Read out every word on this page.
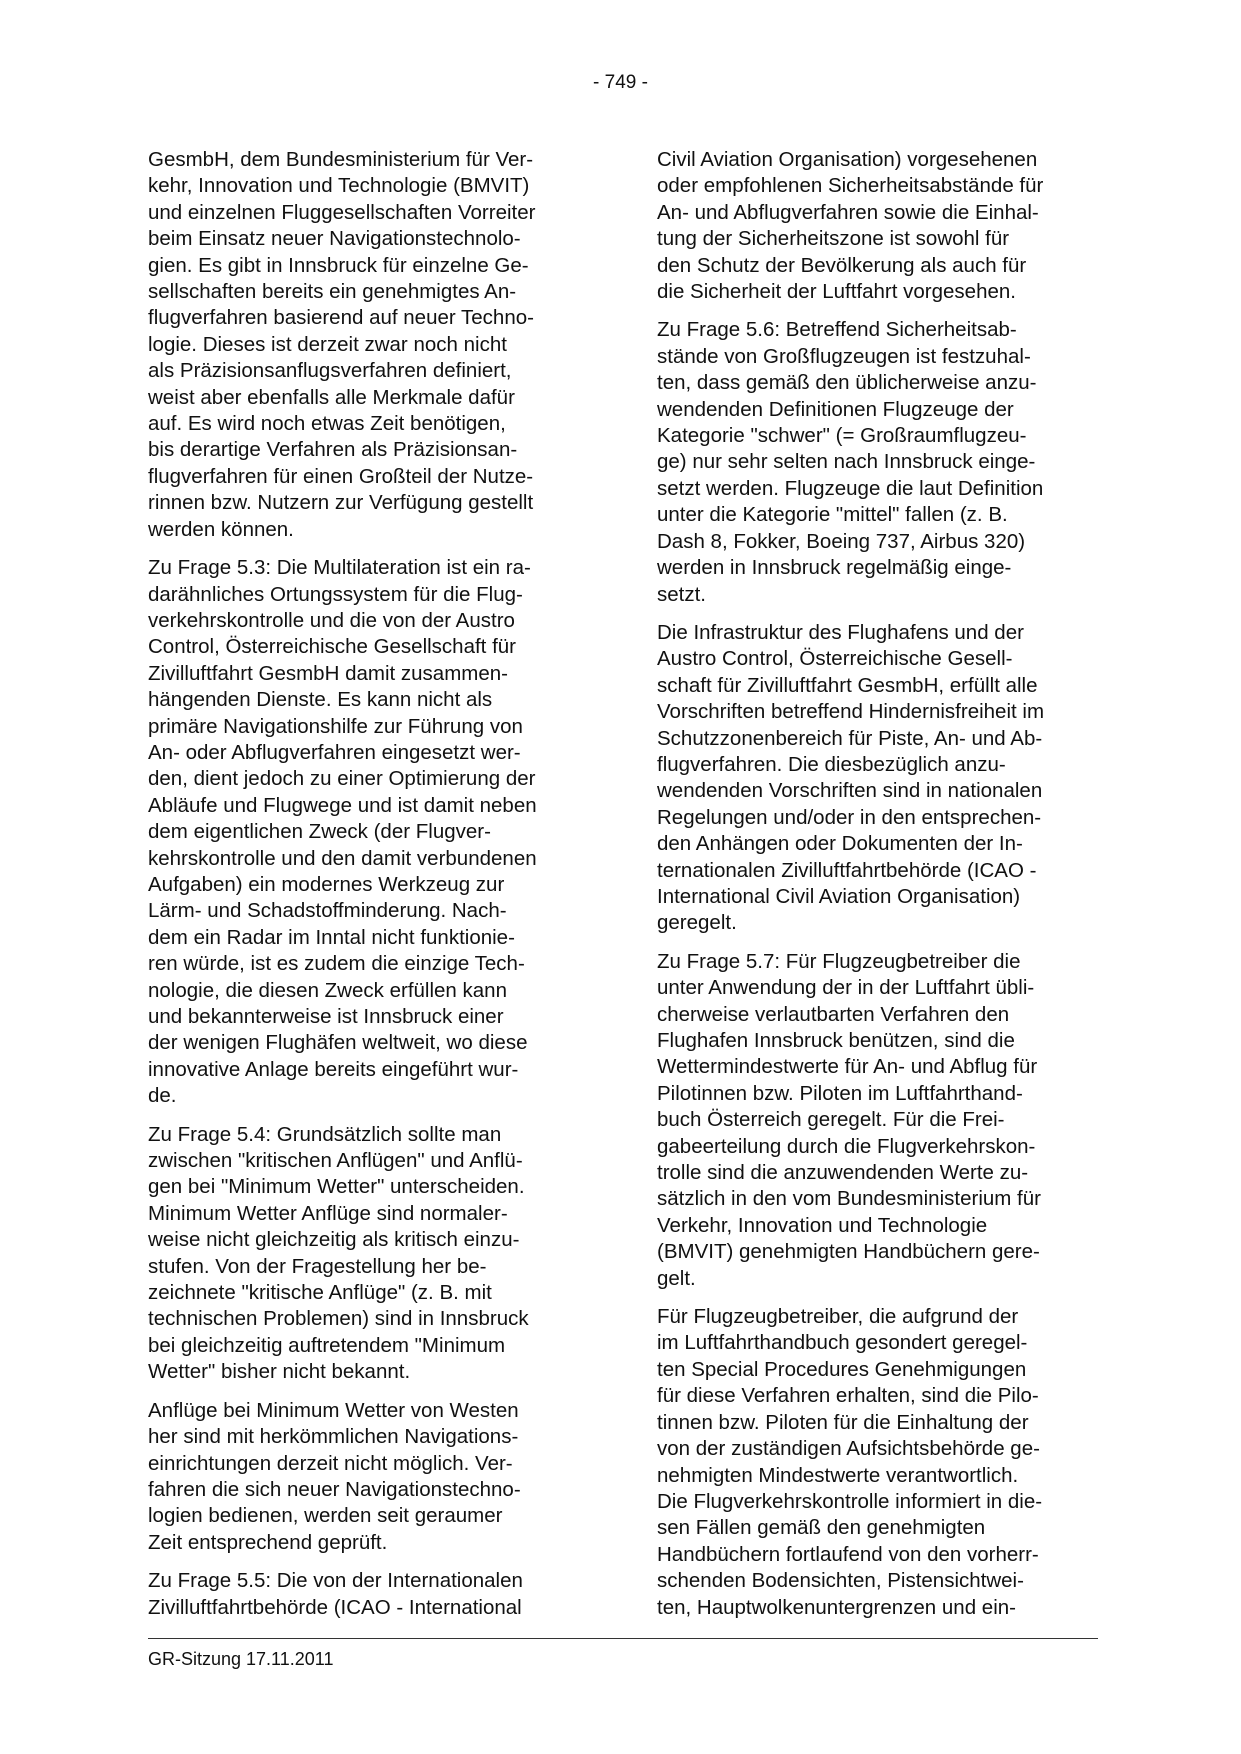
- 749 -

GesmbH, dem Bundesministerium für Ver-
kehr, Innovation und Technologie (BMVIT)
und einzelnen Fluggesellschaften Vorreiter
beim Einsatz neuer Navigationstechnolo-
gien. Es gibt in Innsbruck für einzelne Ge-
sellschaften bereits ein genehmigtes An-
flugverfahren basierend auf neuer Techno-
logie. Dieses ist derzeit zwar noch nicht
als Präzisionsanflugsverfahren definiert,
weist aber ebenfalls alle Merkmale dafür
auf. Es wird noch etwas Zeit benötigen,
bis derartige Verfahren als Präzisionsan-
flugverfahren für einen Großteil der Nutze-
rinnen bzw. Nutzern zur Verfügung gestellt
werden können.

Zu Frage 5.3: Die Multilateration ist ein ra-
darähnliches Ortungssystem für die Flug-
verkehrskontrolle und die von der Austro
Control, Österreichische Gesellschaft für
Zivilluftfahrt GesmbH damit zusammen-
hängenden Dienste. Es kann nicht als
primäre Navigationshilfe zur Führung von
An- oder Abflugverfahren eingesetzt wer-
den, dient jedoch zu einer Optimierung der
Abläufe und Flugwege und ist damit neben
dem eigentlichen Zweck (der Flugver-
kehrskontrolle und den damit verbundenen
Aufgaben) ein modernes Werkzeug zur
Lärm- und Schadstoffminderung. Nach-
dem ein Radar im Inntal nicht funktionie-
ren würde, ist es zudem die einzige Tech-
nologie, die diesen Zweck erfüllen kann
und bekannterweise ist Innsbruck einer
der wenigen Flughäfen weltweit, wo diese
innovative Anlage bereits eingeführt wur-
de.

Zu Frage 5.4: Grundsätzlich sollte man
zwischen "kritischen Anflügen" und Anflü-
gen bei "Minimum Wetter" unterscheiden.
Minimum Wetter Anflüge sind normaler-
weise nicht gleichzeitig als kritisch einzu-
stufen. Von der Fragestellung her be-
zeichnete "kritische Anflüge" (z. B. mit
technischen Problemen) sind in Innsbruck
bei gleichzeitig auftretendem "Minimum
Wetter" bisher nicht bekannt.

Anflüge bei Minimum Wetter von Westen
her sind mit herkömmlichen Navigations-
einrichtungen derzeit nicht möglich. Ver-
fahren die sich neuer Navigationstechno-
logien bedienen, werden seit geraumer
Zeit entsprechend geprüft.

Zu Frage 5.5: Die von der Internationalen
Zivilluftfahrtbehörde (ICAO - International

Civil Aviation Organisation) vorgesehenen
oder empfohlenen Sicherheitsabstände für
An- und Abflugverfahren sowie die Einhal-
tung der Sicherheitszone ist sowohl für
den Schutz der Bevölkerung als auch für
die Sicherheit der Luftfahrt vorgesehen.

Zu Frage 5.6: Betreffend Sicherheitsab-
stände von Großflugzeugen ist festzuhal-
ten, dass gemäß den üblicherweise anzu-
wendenden Definitionen Flugzeuge der
Kategorie "schwer" (= Großraumflugzeu-
ge) nur sehr selten nach Innsbruck einge-
setzt werden. Flugzeuge die laut Definition
unter die Kategorie "mittel" fallen (z. B.
Dash 8, Fokker, Boeing 737, Airbus 320)
werden in Innsbruck regelmäßig einge-
setzt.

Die Infrastruktur des Flughafens und der
Austro Control, Österreichische Gesell-
schaft für Zivilluftfahrt GesmbH, erfüllt alle
Vorschriften betreffend Hindernisfreiheit im
Schutzzonenbereich für Piste, An- und Ab-
flugverfahren. Die diesbezüglich anzu-
wendenden Vorschriften sind in nationalen
Regelungen und/oder in den entsprechen-
den Anhängen oder Dokumenten der In-
ternationalen Zivilluftfahrtbehörde (ICAO -
International Civil Aviation Organisation)
geregelt.

Zu Frage 5.7: Für Flugzeugbetreiber die
unter Anwendung der in der Luftfahrt übli-
cherweise verlautbarten Verfahren den
Flughafen Innsbruck benützen, sind die
Wettermindestwerte für An- und Abflug für
Pilotinnen bzw. Piloten im Luftfahrthand-
buch Österreich geregelt. Für die Frei-
gabeerteilung durch die Flugverkehrskon-
trolle sind die anzuwendenden Werte zu-
sätzlich in den vom Bundesministerium für
Verkehr, Innovation und Technologie
(BMVIT) genehmigten Handbüchern gere-
gelt.

Für Flugzeugbetreiber, die aufgrund der
im Luftfahrthandbuch gesondert geregel-
ten Special Procedures Genehmigungen
für diese Verfahren erhalten, sind die Pilo-
tinnen bzw. Piloten für die Einhaltung der
von der zuständigen Aufsichtsbehörde ge-
nehmigten Mindestwerte verantwortlich.
Die Flugverkehrskontrolle informiert in die-
sen Fällen gemäß den genehmigten
Handbüchern fortlaufend von den vorherr-
schenden Bodensichten, Pistensichtwei-
ten, Hauptwolkenuntergrenzen und ein-

GR-Sitzung 17.11.2011
